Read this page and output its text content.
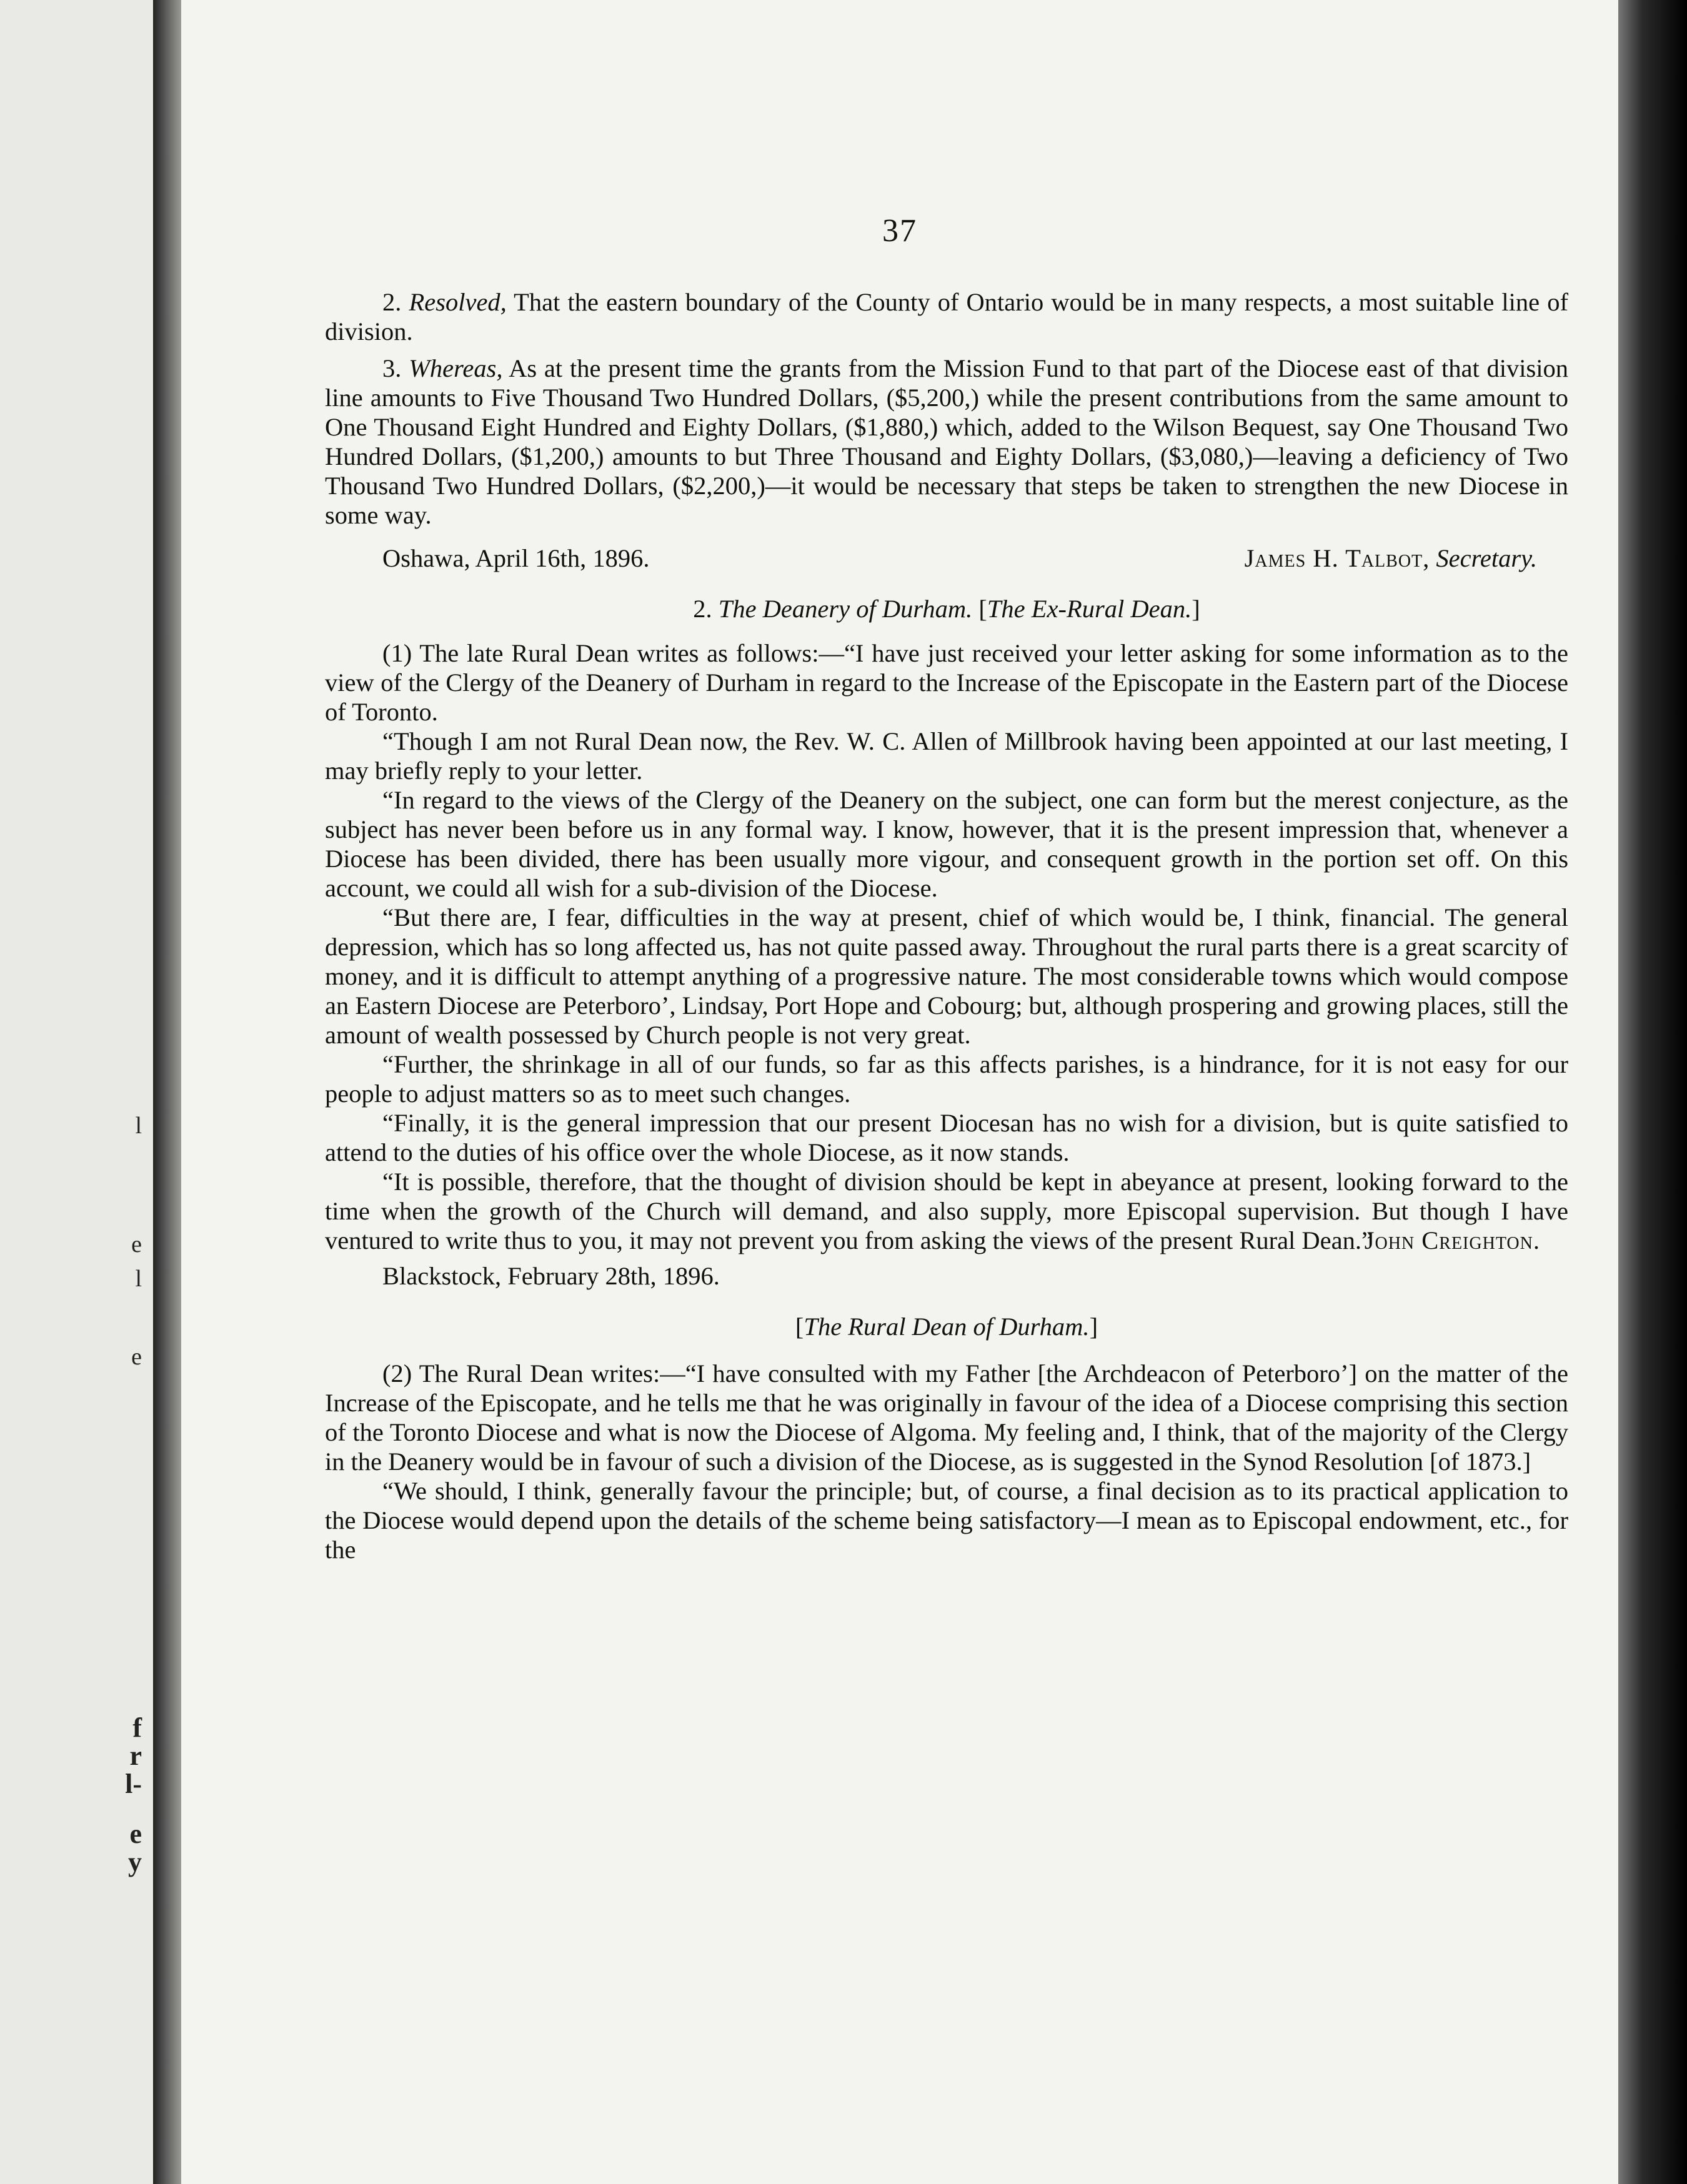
f
r
l-
e
y
l
e
l
e
37

2. Resolved, That the eastern boundary of the County of Ontario would be in many respects, a most suitable line of division.

3. Whereas, As at the present time the grants from the Mission Fund to that part of the Diocese east of that division line amounts to Five Thousand Two Hundred Dollars, ($5,200,) while the present contributions from the same amount to One Thousand Eight Hundred and Eighty Dollars, ($1,880,) which, added to the Wilson Bequest, say One Thousand Two Hundred Dollars, ($1,200,) amounts to but Three Thousand and Eighty Dollars, ($3,080,)—leaving a deficiency of Two Thousand Two Hundred Dollars, ($2,200,)—it would be necessary that steps be taken to strengthen the new Diocese in some way.

Oshawa, April 16th, 1896.	James H. Talbot, Secretary.
2. The Deanery of Durham. [The Ex-Rural Dean.]

(1) The late Rural Dean writes as follows:—“I have just received your letter asking for some information as to the view of the Clergy of the Deanery of Durham in regard to the Increase of the Episcopate in the Eastern part of the Diocese of Toronto.

“Though I am not Rural Dean now, the Rev. W. C. Allen of Millbrook having been appointed at our last meeting, I may briefly reply to your letter.

“In regard to the views of the Clergy of the Deanery on the subject, one can form but the merest conjecture, as the subject has never been before us in any formal way. I know, however, that it is the present impression that, whenever a Diocese has been divided, there has been usually more vigour, and consequent growth in the portion set off. On this account, we could all wish for a sub-division of the Diocese.

“But there are, I fear, difficulties in the way at present, chief of which would be, I think, financial. The general depression, which has so long affected us, has not quite passed away. Throughout the rural parts there is a great scarcity of money, and it is difficult to attempt anything of a progressive nature. The most considerable towns which would compose an Eastern Diocese are Peterboro’, Lindsay, Port Hope and Cobourg; but, although prospering and growing places, still the amount of wealth possessed by Church people is not very great.

“Further, the shrinkage in all of our funds, so far as this affects parishes, is a hindrance, for it is not easy for our people to adjust matters so as to meet such changes.

“Finally, it is the general impression that our present Diocesan has no wish for a division, but is quite satisfied to attend to the duties of his office over the whole Diocese, as it now stands.

“It is possible, therefore, that the thought of division should be kept in abeyance at present, looking forward to the time when the growth of the Church will demand, and also supply, more Episcopal supervision. But though I have ventured to write thus to you, it may not prevent you from asking the views of the present Rural Dean.”
John Creighton.

Blackstock, February 28th, 1896.
[The Rural Dean of Durham.]

(2) The Rural Dean writes:—“I have consulted with my Father [the Archdeacon of Peterboro’] on the matter of the Increase of the Episcopate, and he tells me that he was originally in favour of the idea of a Diocese comprising this section of the Toronto Diocese and what is now the Diocese of Algoma. My feeling and, I think, that of the majority of the Clergy in the Deanery would be in favour of such a division of the Diocese, as is suggested in the Synod Resolution [of 1873.]

“We should, I think, generally favour the principle; but, of course, a final decision as to its practical application to the Diocese would depend upon the details of the scheme being satisfactory—I mean as to Episcopal endowment, etc., for the
